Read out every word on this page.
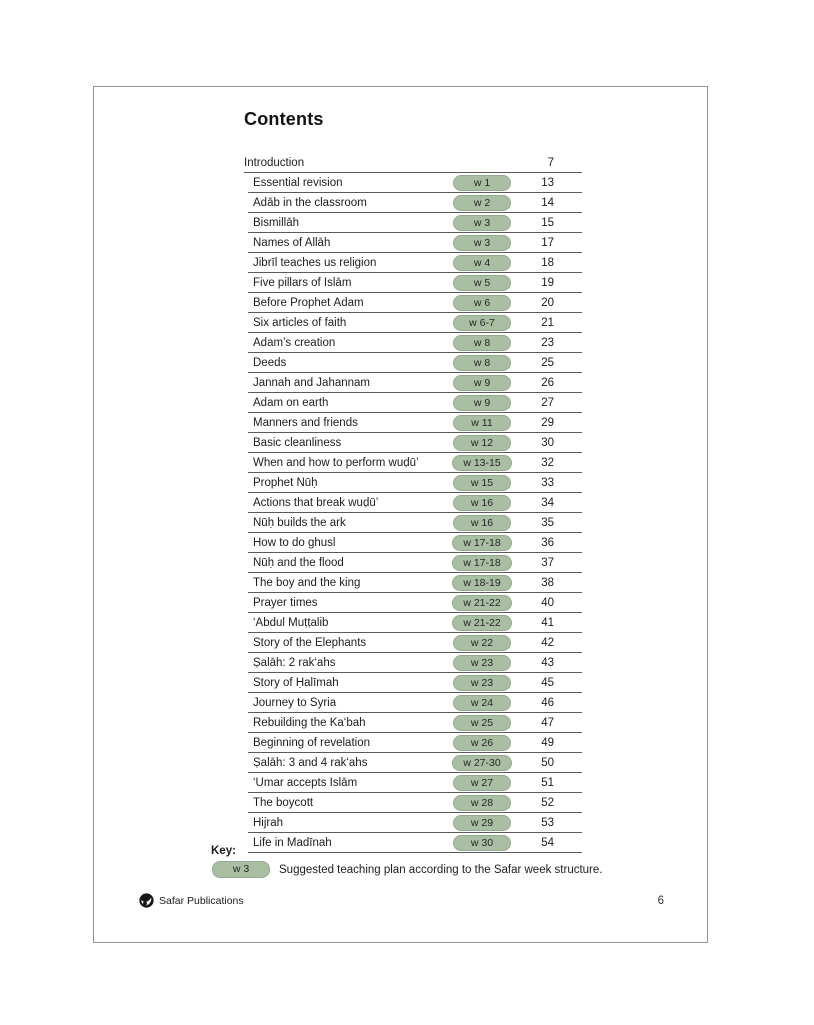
Contents
Introduction	7
Essential revision	w 1	13
Ādāb in the classroom	w 2	14
Bismillāh	w 3	15
Names of Allāh	w 3	17
Jibrīl teaches us religion	w 4	18
Five pillars of Islām	w 5	19
Before Prophet Ādam	w 6	20
Six articles of faith	w 6-7	21
Ādam’s creation	w 8	23
Deeds	w 8	25
Jannah and Jahannam	w 9	26
Ādam on earth	w 9	27
Manners and friends	w 11	29
Basic cleanliness	w 12	30
When and how to perform wuḍū’	w 13-15	32
Prophet Nūḥ	w 15	33
Actions that break wuḍū’	w 16	34
Nūḥ builds the ark	w 16	35
How to do ghusl	w 17-18	36
Nūḥ and the flood	w 17-18	37
The boy and the king	w 18-19	38
Prayer times	w 21-22	40
‘Abdul Muṭṭalib	w 21-22	41
Story of the Elephants	w 22	42
Ṣalāh: 2 rak‘ahs	w 23	43
Story of Ḥalīmah	w 23	45
Journey to Syria	w 24	46
Rebuilding the Ka‘bah	w 25	47
Beginning of revelation	w 26	49
Ṣalāh: 3 and 4 rak‘ahs	w 27-30	50
‘Umar accepts Islām	w 27	51
The boycott	w 28	52
Hijrah	w 29	53
Life in Madīnah	w 30	54
Key:
w 3	Suggested teaching plan according to the Safar week structure.
Safar Publications	6
